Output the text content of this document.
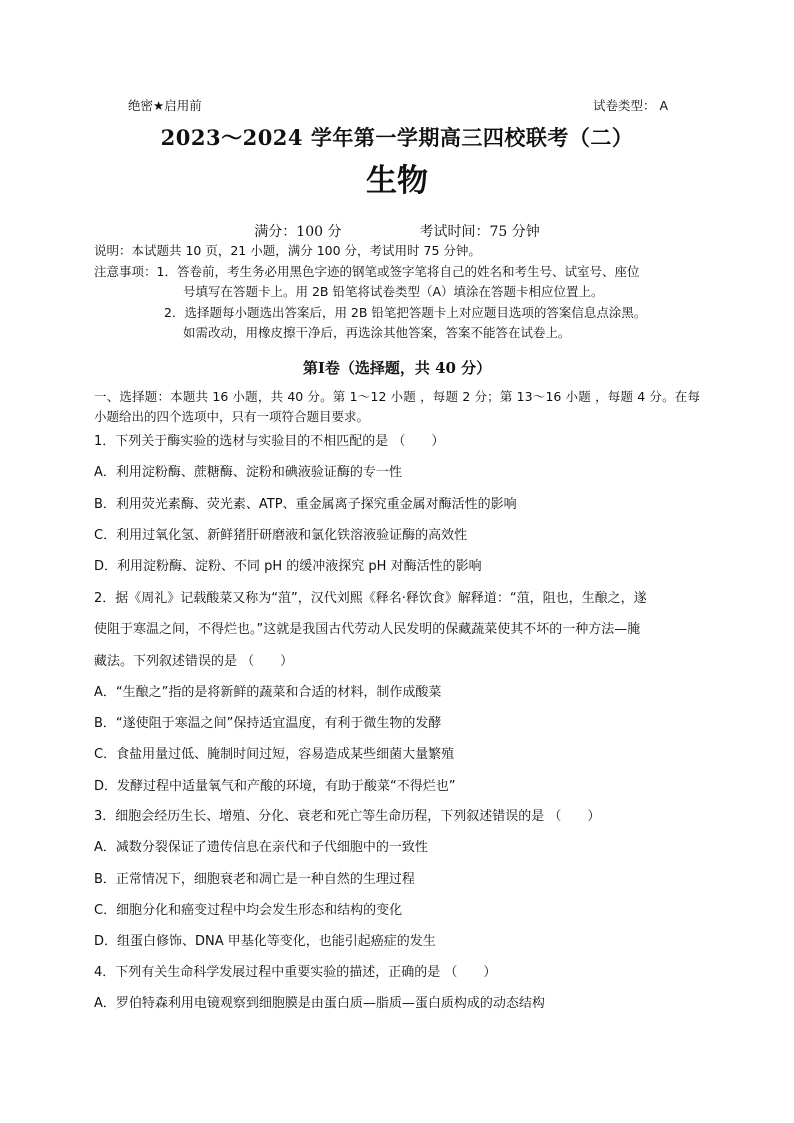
绝密★启用前	试卷类型： A
2023～2024 学年第一学期高三四校联考（二）
生物
满分：100 分	考试时间：75 分钟
说明：本试题共 10 页，21 小题，满分 100 分，考试用时 75 分钟。
注意事项：1．答卷前，考生务必用黑色字迹的钢笔或签字笔将自己的姓名和考生号、试室号、座位
号填写在答题卡上。用 2B 铅笔将试卷类型（A）填涂在答题卡相应位置上。
2．选择题每小题选出答案后，用 2B 铅笔把答题卡上对应题目选项的答案信息点涂黑。
如需改动，用橡皮擦干净后，再选涂其他答案，答案不能答在试卷上。
第Ⅰ卷（选择题，共 40 分）
一、选择题：本题共 16 小题，共 40 分。第 1～12 小题 ，每题 2 分；第 13～16 小题 ，每题 4 分。在每小题给出的四个选项中，只有一项符合题目要求。
1．下列关于酶实验的选材与实验目的不相匹配的是 （　　）
A．利用淀粉酶、蔗糖酶、淀粉和碘液验证酶的专一性
B．利用荧光素酶、荧光素、ATP、重金属离子探究重金属对酶活性的影响
C．利用过氧化氢、新鲜猪肝研磨液和氯化铁溶液验证酶的高效性
D．利用淀粉酶、淀粉、不同 pH 的缓冲液探究 pH 对酶活性的影响
2．据《周礼》记载酸菜又称为“菹”，汉代刘熙《释名·释饮食》解释道：“菹，阻也，生酿之，遂
使阻于寒温之间，不得烂也。”这就是我国古代劳动人民发明的保藏蔬菜使其不坏的一种方法—腌
藏法。下列叙述错误的是 （　　）
A．“生酿之”指的是将新鲜的蔬菜和合适的材料，制作成酸菜
B．“遂使阻于寒温之间”保持适宜温度，有利于微生物的发酵
C．食盐用量过低、腌制时间过短，容易造成某些细菌大量繁殖
D．发酵过程中适量氧气和产酸的环境，有助于酸菜“不得烂也”
3．细胞会经历生长、增殖、分化、衰老和死亡等生命历程，下列叙述错误的是 （　　）
A．减数分裂保证了遗传信息在亲代和子代细胞中的一致性
B．正常情况下，细胞衰老和凋亡是一种自然的生理过程
C．细胞分化和癌变过程中均会发生形态和结构的变化
D．组蛋白修饰、DNA 甲基化等变化，也能引起癌症的发生
4．下列有关生命科学发展过程中重要实验的描述，正确的是 （　　）
A．罗伯特森利用电镜观察到细胞膜是由蛋白质—脂质—蛋白质构成的动态结构
